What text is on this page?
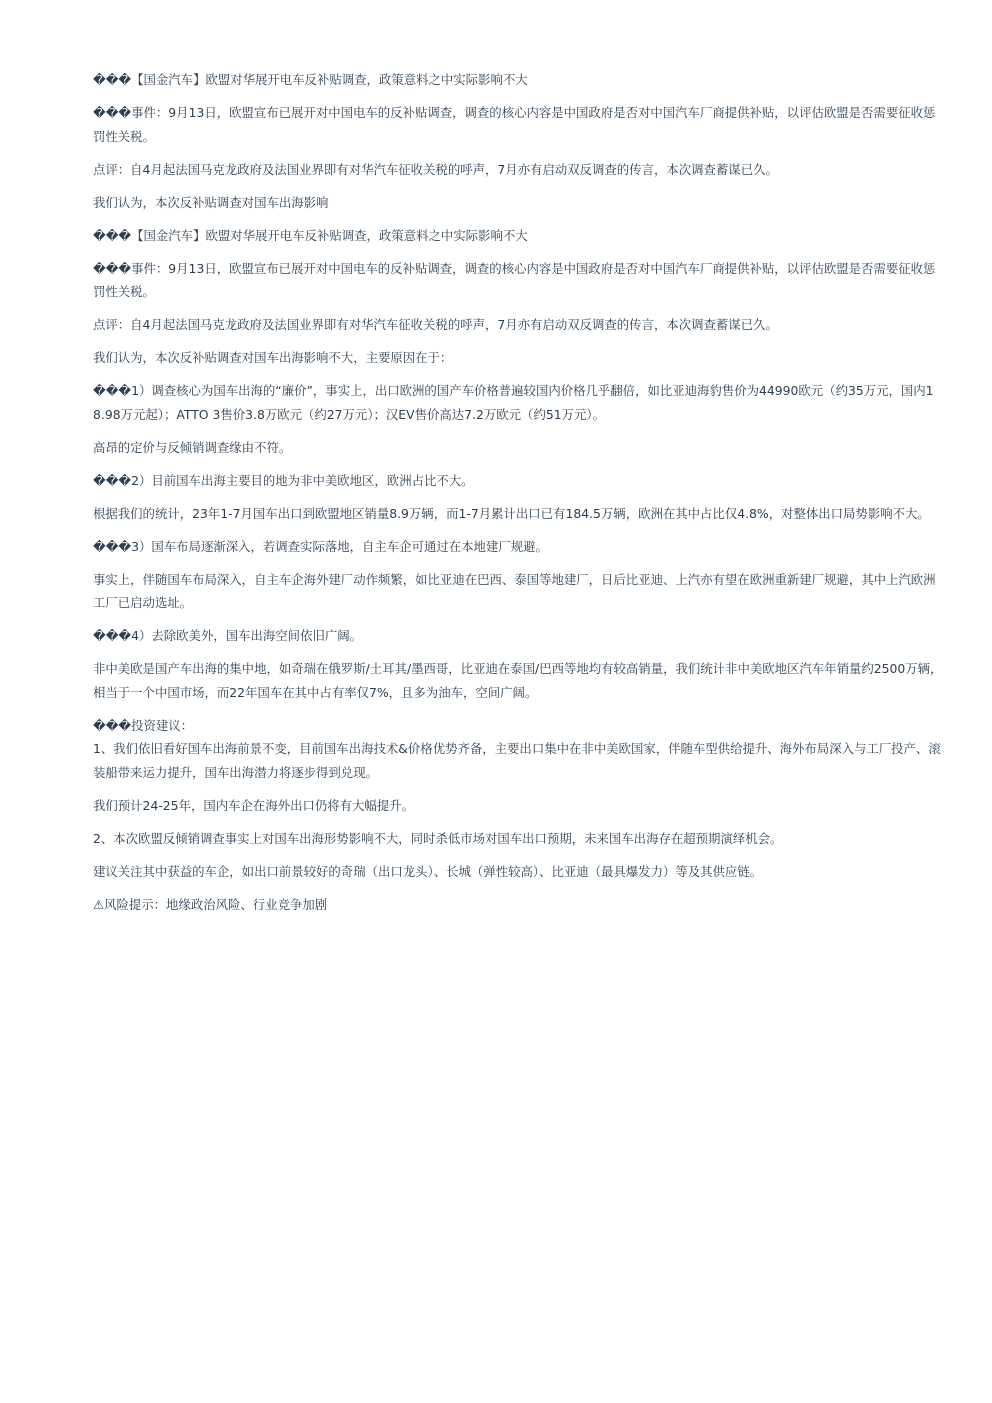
���【国金汽车】欧盟对华展开电车反补贴调查，政策意料之中实际影响不大

���事件：9月13日，欧盟宣布已展开对中国电车的反补贴调查，调查的核心内容是中国政府是否对中国汽车厂商提供补贴，以评估欧盟是否需要征收惩罚性关税。

点评：自4月起法国马克龙政府及法国业界即有对华汽车征收关税的呼声，7月亦有启动双反调查的传言，本次调查蓄谋已久。

我们认为，本次反补贴调查对国车出海影响

���【国金汽车】欧盟对华展开电车反补贴调查，政策意料之中实际影响不大

���事件：9月13日，欧盟宣布已展开对中国电车的反补贴调查，调查的核心内容是中国政府是否对中国汽车厂商提供补贴，以评估欧盟是否需要征收惩罚性关税。

点评：自4月起法国马克龙政府及法国业界即有对华汽车征收关税的呼声，7月亦有启动双反调查的传言，本次调查蓄谋已久。

我们认为，本次反补贴调查对国车出海影响不大，主要原因在于：

���1）调查核心为国车出海的“廉价”，事实上，出口欧洲的国产车价格普遍较国内价格几乎翻倍，如比亚迪海豹售价为44990欧元（约35万元，国内18.98万元起）；ATTO 3售价3.8万欧元（约27万元）；汉EV售价高达7.2万欧元（约51万元）。

高昂的定价与反倾销调查缘由不符。

���2）目前国车出海主要目的地为非中美欧地区，欧洲占比不大。

根据我们的统计，23年1-7月国车出口到欧盟地区销量8.9万辆，而1-7月累计出口已有184.5万辆，欧洲在其中占比仅4.8%，对整体出口局势影响不大。

���3）国车布局逐渐深入，若调查实际落地，自主车企可通过在本地建厂规避。

事实上，伴随国车布局深入，自主车企海外建厂动作频繁，如比亚迪在巴西、泰国等地建厂，日后比亚迪、上汽亦有望在欧洲重新建厂规避，其中上汽欧洲工厂已启动选址。

���4）去除欧美外，国车出海空间依旧广阔。

非中美欧是国产车出海的集中地，如奇瑞在俄罗斯/土耳其/墨西哥，比亚迪在泰国/巴西等地均有较高销量，我们统计非中美欧地区汽车年销量约2500万辆，相当于一个中国市场，而22年国车在其中占有率仅7%，且多为油车，空间广阔。

���投资建议：

1、我们依旧看好国车出海前景不变，目前国车出海技术&价格优势齐备，主要出口集中在非中美欧国家，伴随车型供给提升、海外布局深入与工厂投产、滚装船带来运力提升，国车出海潜力将逐步得到兑现。

我们预计24-25年，国内车企在海外出口仍将有大幅提升。

2、本次欧盟反倾销调查事实上对国车出海形势影响不大，同时杀低市场对国车出口预期，未来国车出海存在超预期演绎机会。

建议关注其中获益的车企，如出口前景较好的奇瑞（出口龙头）、长城（弹性较高）、比亚迪（最具爆发力）等及其供应链。

⚠风险提示：地缘政治风险、行业竞争加剧
